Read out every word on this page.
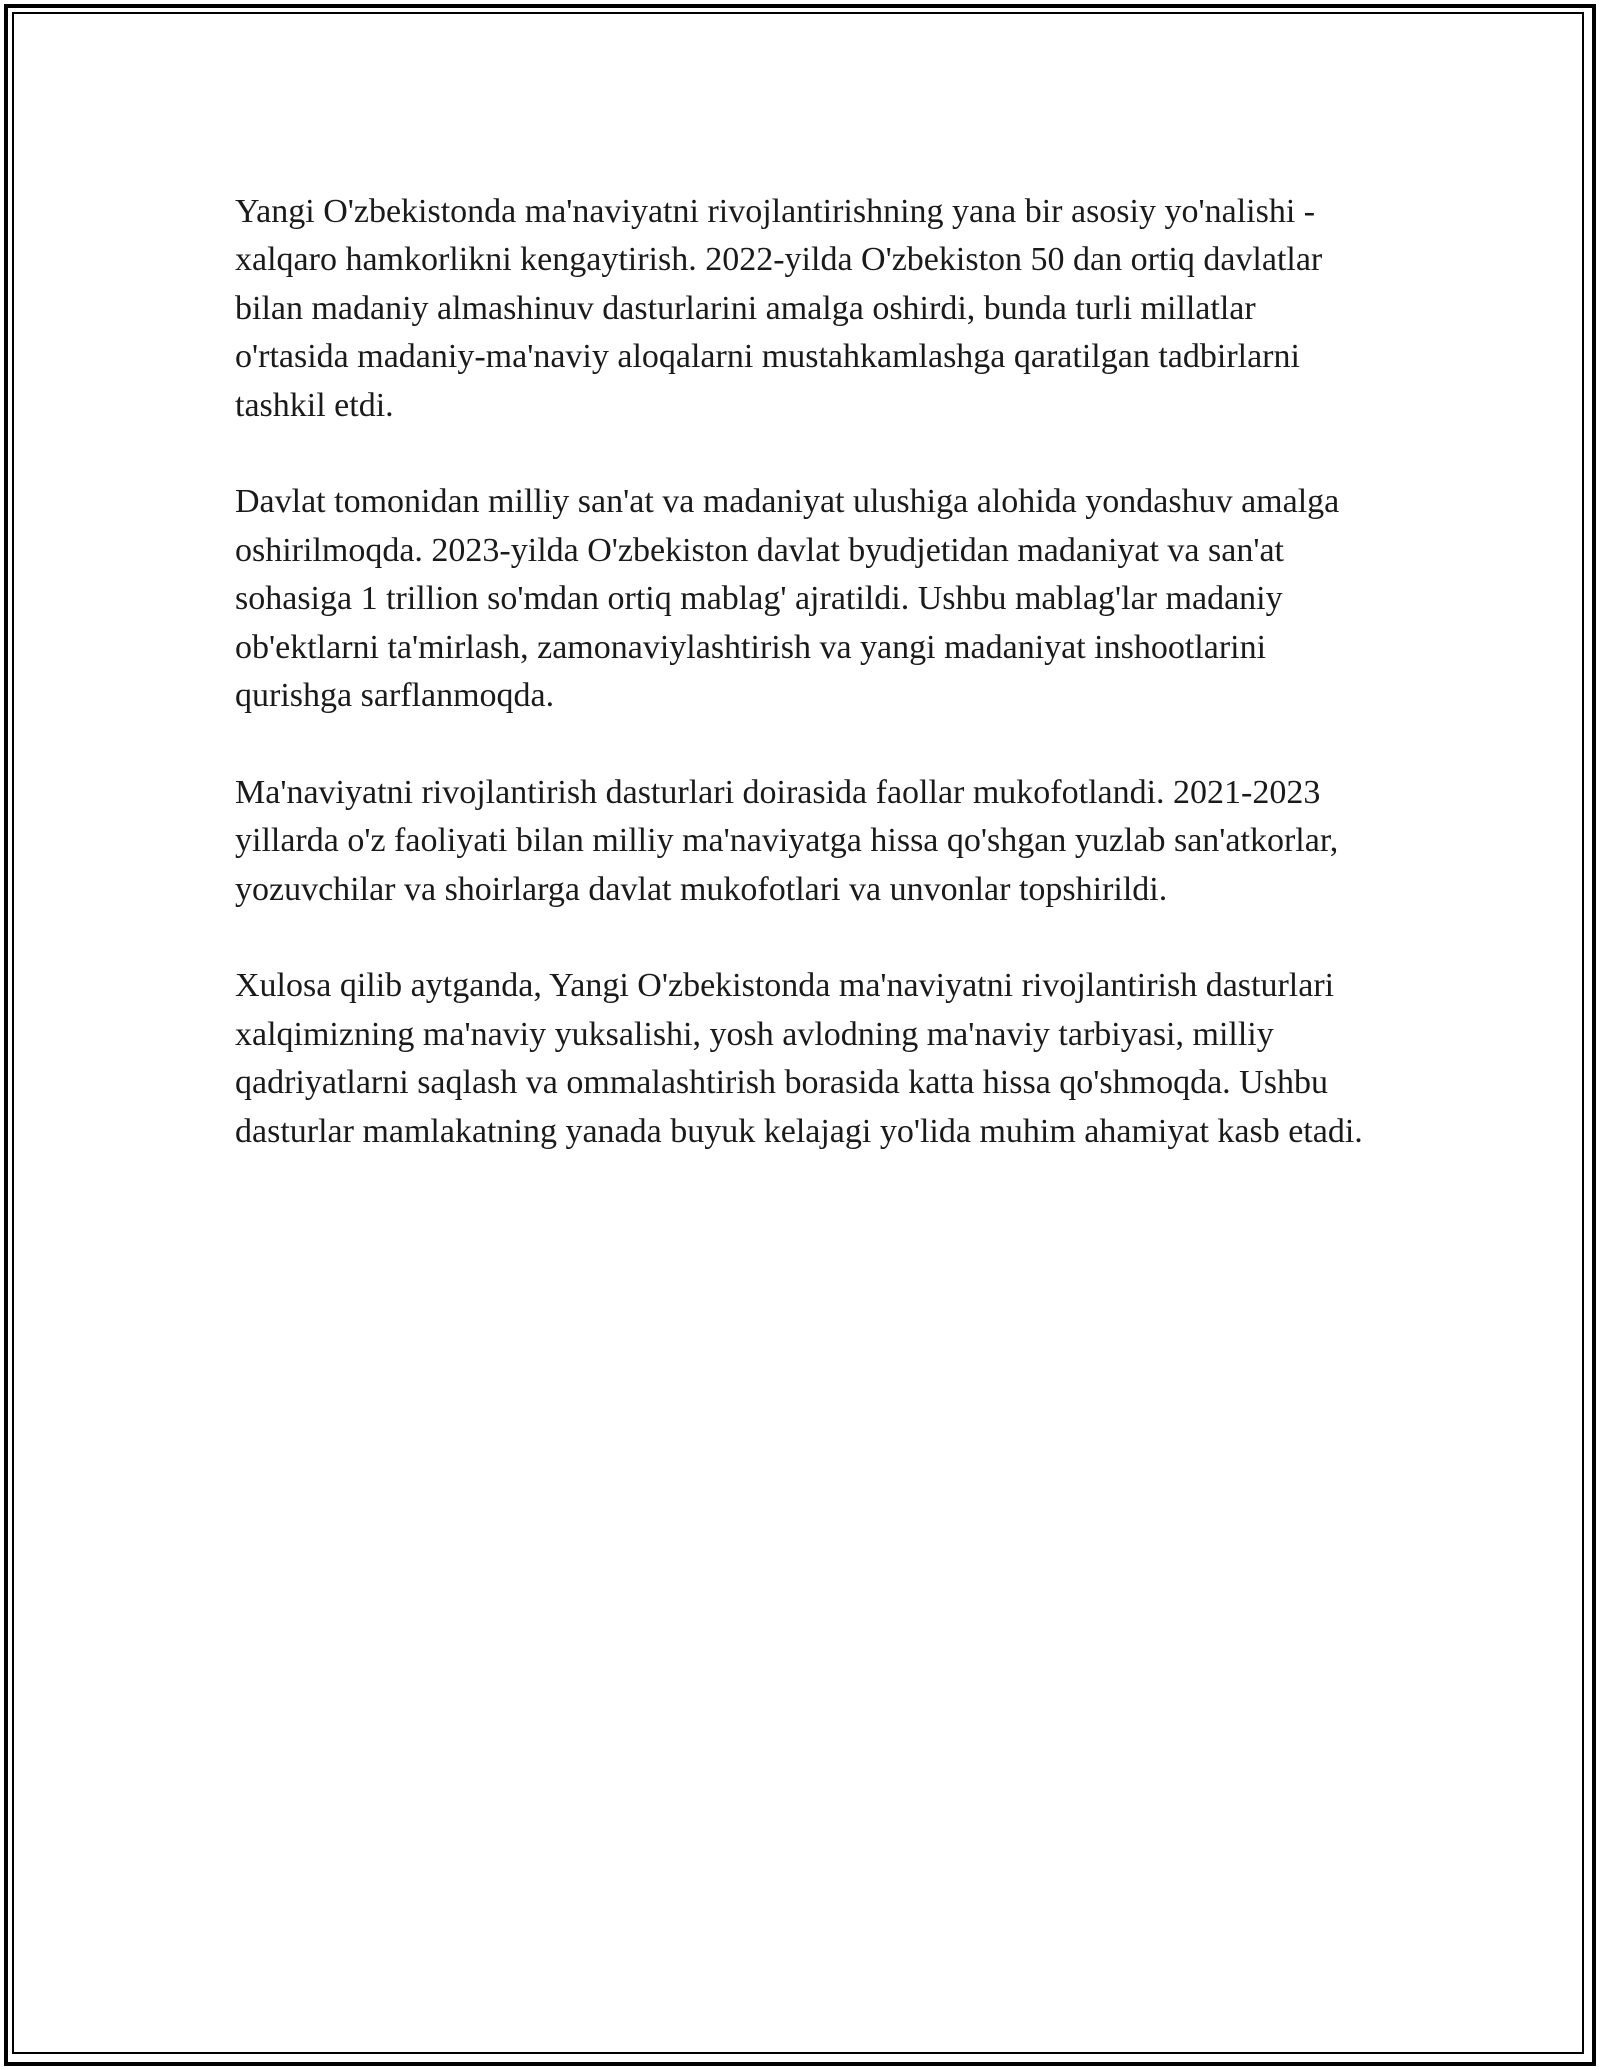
Yangi O'zbekistonda ma'naviyatni rivojlantirishning yana bir asosiy yo'nalishi - xalqaro hamkorlikni kengaytirish. 2022-yilda O'zbekiston 50 dan ortiq davlatlar bilan madaniy almashinuv dasturlarini amalga oshirdi, bunda turli millatlar o'rtasida madaniy-ma'naviy aloqalarni mustahkamlashga qaratilgan tadbirlarni tashkil etdi.

Davlat tomonidan milliy san'at va madaniyat ulushiga alohida yondashuv amalga oshirilmoqda. 2023-yilda O'zbekiston davlat byudjetidan madaniyat va san'at sohasiga 1 trillion so'mdan ortiq mablag' ajratildi. Ushbu mablag'lar madaniy ob'ektlarni ta'mirlash, zamonaviylashtirish va yangi madaniyat inshootlarini qurishga sarflanmoqda.

Ma'naviyatni rivojlantirish dasturlari doirasida faollar mukofotlandi. 2021-2023 yillarda o'z faoliyati bilan milliy ma'naviyatga hissa qo'shgan yuzlab san'atkorlar, yozuvchilar va shoirlarga davlat mukofotlari va unvonlar topshirildi.

Xulosa qilib aytganda, Yangi O'zbekistonda ma'naviyatni rivojlantirish dasturlari xalqimizning ma'naviy yuksalishi, yosh avlodning ma'naviy tarbiyasi, milliy qadriyatlarni saqlash va ommalashtirish borasida katta hissa qo'shmoqda. Ushbu dasturlar mamlakatning yanada buyuk kelajagi yo'lida muhim ahamiyat kasb etadi.
